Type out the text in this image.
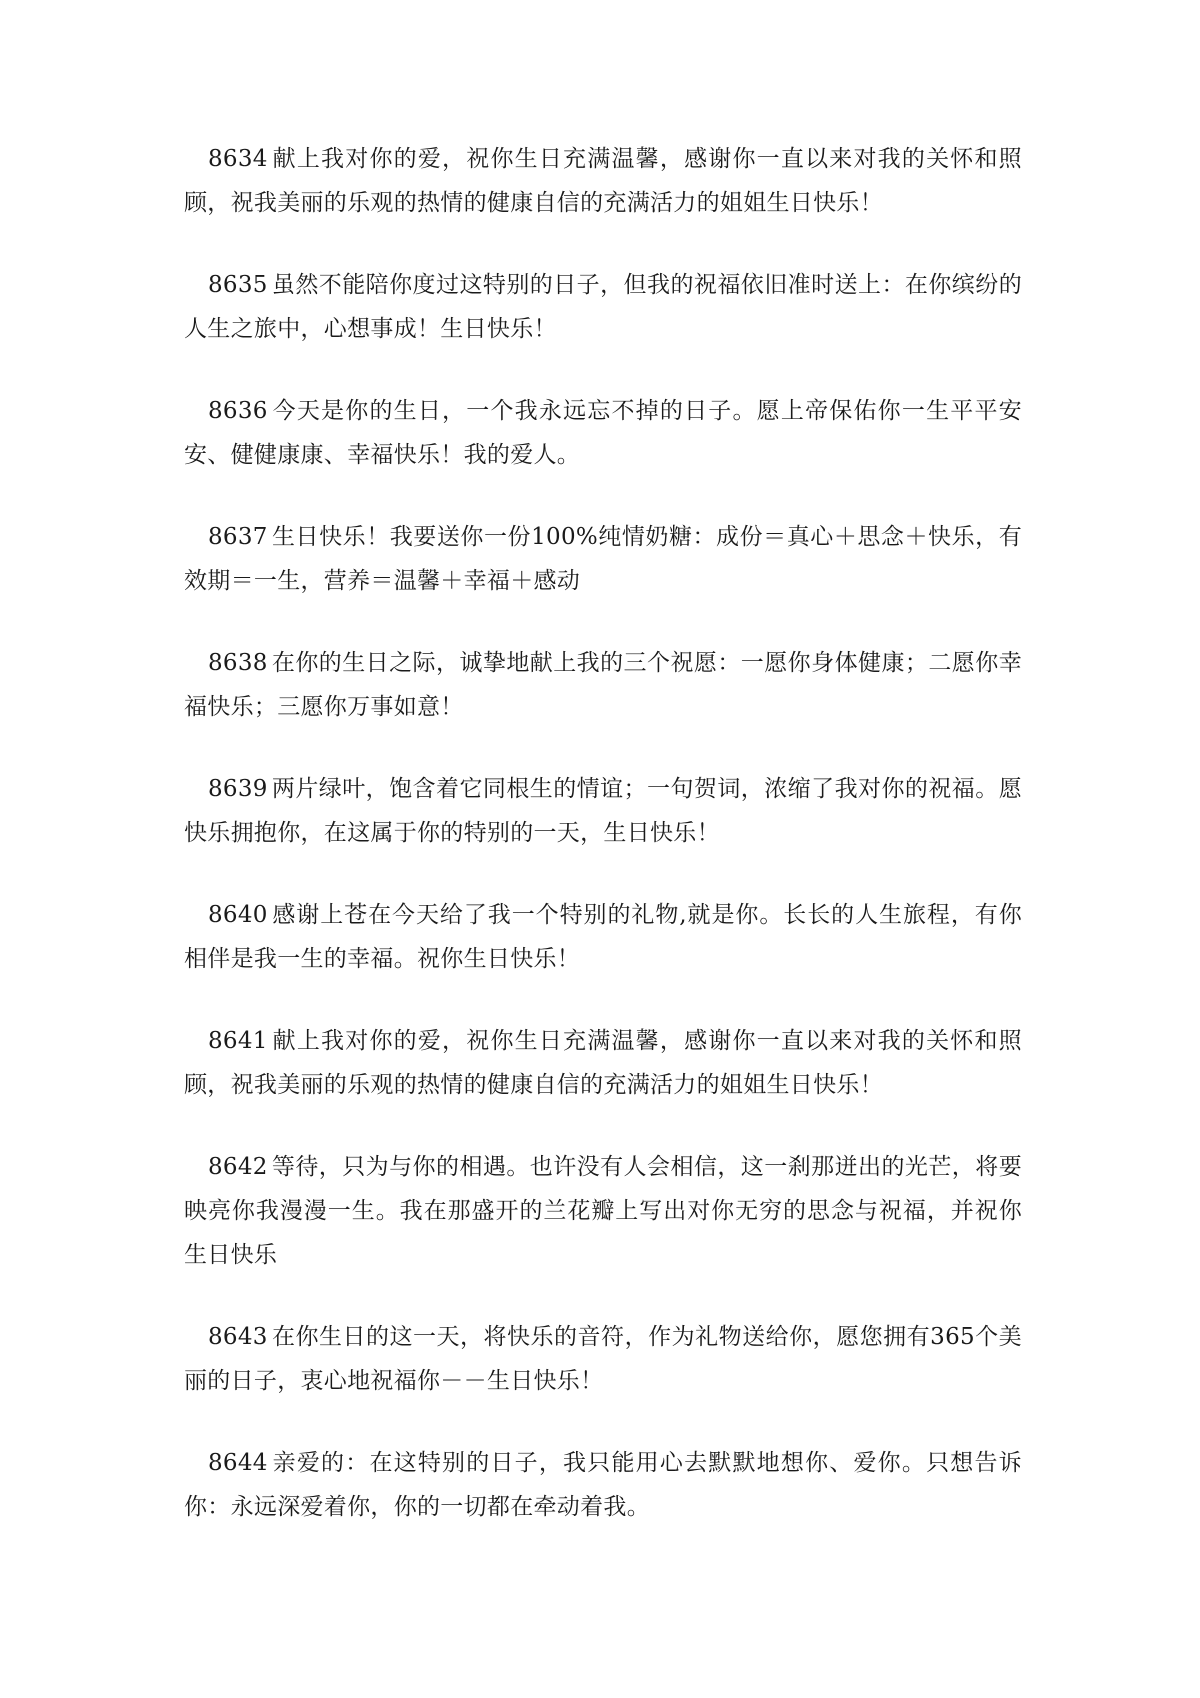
8634 献上我对你的爱，祝你生日充满温馨，感谢你一直以来对我的关怀和照顾，祝我美丽的乐观的热情的健康自信的充满活力的姐姐生日快乐！

8635 虽然不能陪你度过这特别的日子，但我的祝福依旧准时送上：在你缤纷的人生之旅中，心想事成！生日快乐！

8636 今天是你的生日，一个我永远忘不掉的日子。愿上帝保佑你一生平平安安、健健康康、幸福快乐！我的爱人。

8637 生日快乐！我要送你一份100%纯情奶糖：成份＝真心＋思念＋快乐，有效期＝一生，营养＝温馨＋幸福＋感动

8638 在你的生日之际，诚挚地献上我的三个祝愿：一愿你身体健康；二愿你幸福快乐；三愿你万事如意！

8639 两片绿叶，饱含着它同根生的情谊；一句贺词，浓缩了我对你的祝福。愿快乐拥抱你，在这属于你的特别的一天，生日快乐！

8640 感谢上苍在今天给了我一个特别的礼物,就是你。长长的人生旅程，有你相伴是我一生的幸福。祝你生日快乐！

8641 献上我对你的爱，祝你生日充满温馨，感谢你一直以来对我的关怀和照顾，祝我美丽的乐观的热情的健康自信的充满活力的姐姐生日快乐！

8642 等待，只为与你的相遇。也许没有人会相信，这一刹那迸出的光芒，将要映亮你我漫漫一生。我在那盛开的兰花瓣上写出对你无穷的思念与祝福，并祝你生日快乐

8643 在你生日的这一天，将快乐的音符，作为礼物送给你，愿您拥有365个美丽的日子，衷心地祝福你－－生日快乐！

8644 亲爱的：在这特别的日子，我只能用心去默默地想你、爱你。只想告诉你：永远深爱着你，你的一切都在牵动着我。
